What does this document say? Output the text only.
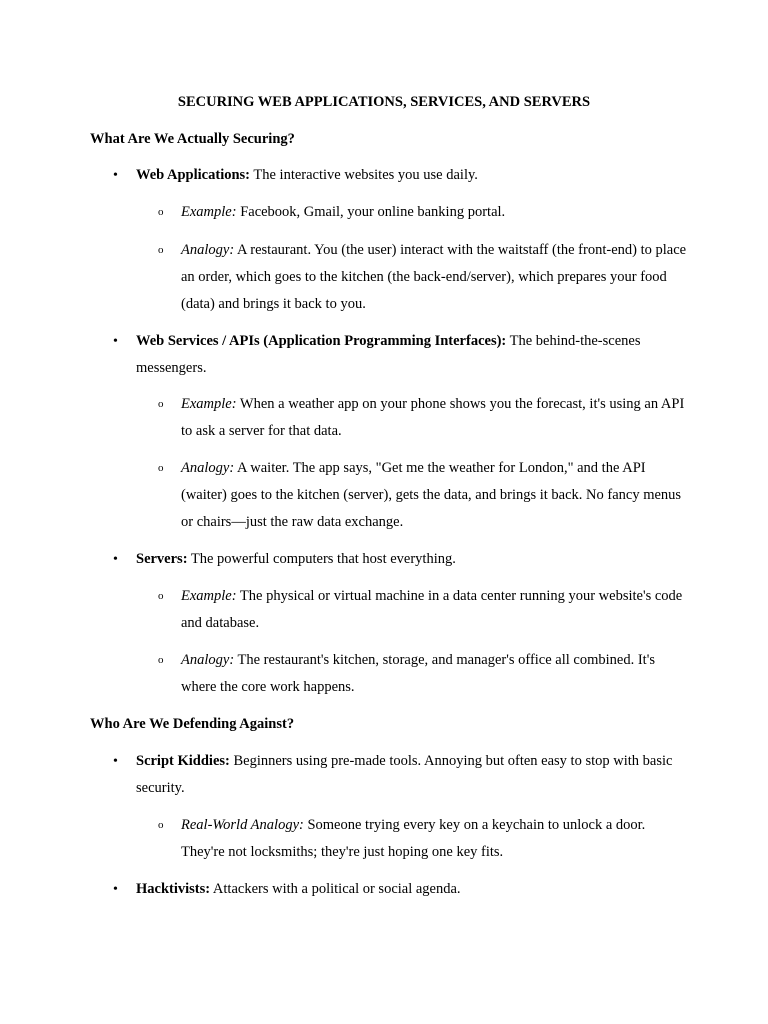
SECURING WEB APPLICATIONS, SERVICES, AND SERVERS
What Are We Actually Securing?
• Web Applications: The interactive websites you use daily.
o Example: Facebook, Gmail, your online banking portal.
o Analogy: A restaurant. You (the user) interact with the waitstaff (the front-end) to place an order, which goes to the kitchen (the back-end/server), which prepares your food (data) and brings it back to you.
• Web Services / APIs (Application Programming Interfaces): The behind-the-scenes messengers.
o Example: When a weather app on your phone shows you the forecast, it's using an API to ask a server for that data.
o Analogy: A waiter. The app says, "Get me the weather for London," and the API (waiter) goes to the kitchen (server), gets the data, and brings it back. No fancy menus or chairs—just the raw data exchange.
• Servers: The powerful computers that host everything.
o Example: The physical or virtual machine in a data center running your website's code and database.
o Analogy: The restaurant's kitchen, storage, and manager's office all combined. It's where the core work happens.
Who Are We Defending Against?
• Script Kiddies: Beginners using pre-made tools. Annoying but often easy to stop with basic security.
o Real-World Analogy: Someone trying every key on a keychain to unlock a door. They're not locksmiths; they're just hoping one key fits.
• Hacktivists: Attackers with a political or social agenda.
